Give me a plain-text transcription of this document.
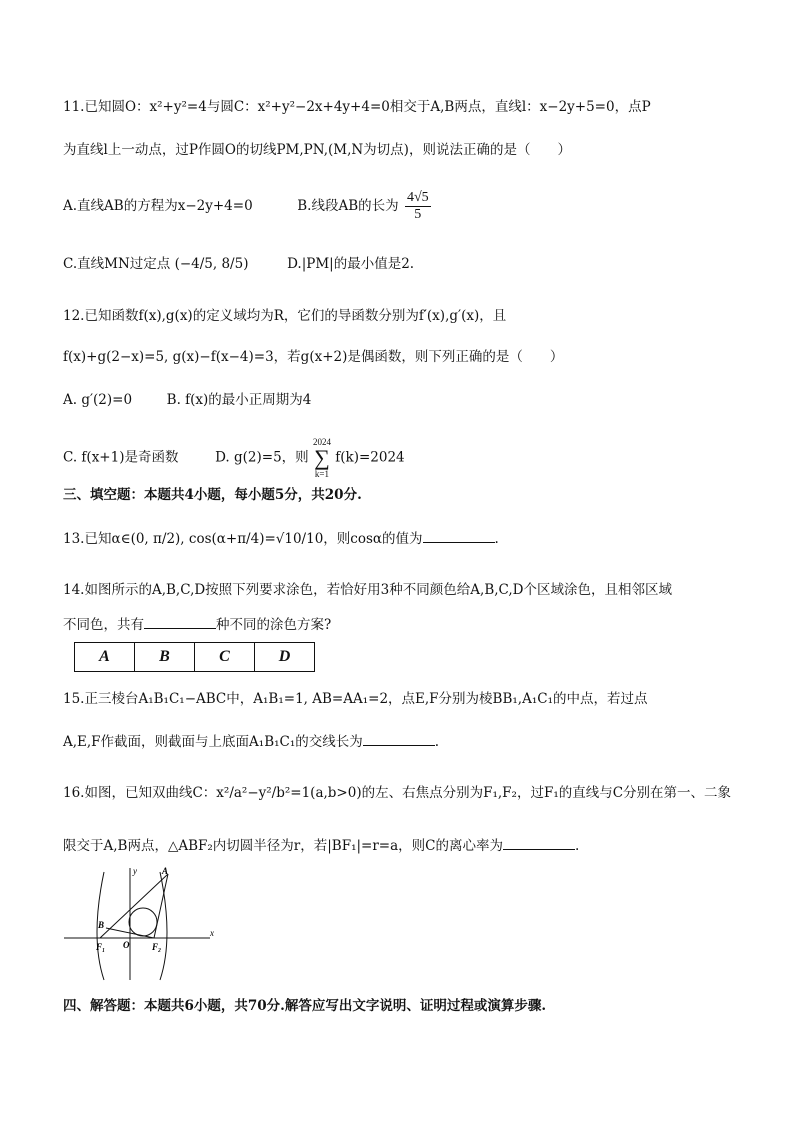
11.已知圆O：x²+y²=4与圆C：x²+y²−2x+4y+4=0相交于A,B两点，直线l：x−2y+5=0，点P
为直线l上一动点，过P作圆O的切线PM,PN,(M,N为切点)，则说法正确的是（　　）
A.直线AB的方程为x−2y+4=0	B.线段AB的长为 $\frac{4√5}{5}$
C.直线MN过定点 (−4/5, 8/5)	D.|PM|的最小值是2.
12.已知函数f(x),g(x)的定义域均为R，它们的导函数分别为f′(x),g′(x)，且
f(x)+g(2−x)=5, g(x)−f(x−4)=3，若g(x+2)是偶函数，则下列正确的是（　　）
A. g′(2)=0	B. f(x)的最小正周期为4
C. f(x+1)是奇函数	D. g(2)=5，则
2024
∑
k=1
f(k)=2024
三、填空题：本题共4小题，每小题5分，共20分.
13.已知α∈(0, π/2), cos(α+π/4)=√10/10，则cosα的值为	.
14.如图所示的A,B,C,D按照下列要求涂色，若恰好用3种不同颜色给A,B,C,D个区域涂色，且相邻区域
不同色，共有	种不同的涂色方案?
A	B	C	D
15.正三棱台A₁B₁C₁−ABC中，A₁B₁=1, AB=AA₁=2，点E,F分别为棱BB₁,A₁C₁的中点，若过点
A,E,F作截面，则截面与上底面A₁B₁C₁的交线长为	.
16.如图，已知双曲线C：x²/a²−y²/b²=1(a,b>0)的左、右焦点分别为F₁,F₂，过F₁的直线与C分别在第一、二象
限交于A,B两点，△ABF₂内切圆半径为r，若|BF₁|=r=a，则C的离心率为	.
y
x
A
B
O
F₁	F₂
四、解答题：本题共6小题，共70分.解答应写出文字说明、证明过程或演算步骤.
